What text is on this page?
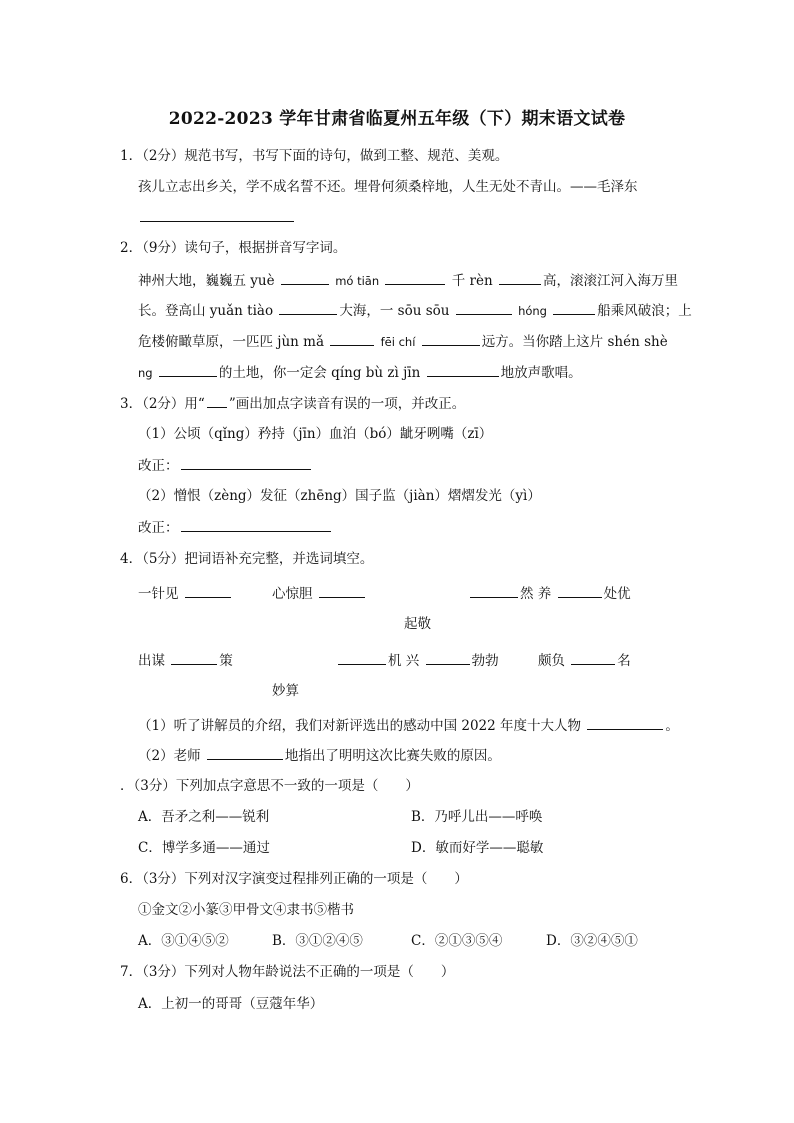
2022-2023 学年甘肃省临夏州五年级（下）期末语文试卷
1．（2分）规范书写，书写下面的诗句，做到工整、规范、美观。
孩儿立志出乡关，学不成名誓不还。埋骨何须桑梓地，人生无处不青山。——毛泽东
2．（9分）读句子，根据拼音写字词。
神州大地，巍巍五 yuè	mó tiān	千 rèn	高，滚滚江河入海万里
长。登高山 yuǎn tiào	大海，一 sōu sōu	hóng	船乘风破浪；上
危楼俯瞰草原，一匹匹 jùn mǎ	fēi chí	远方。当你踏上这片 shén shè
ng	的土地，你一定会 qíng bù zì jīn	地放声歌唱。
3．（2分）用“ ”画出加点字读音有误的一项，并改正。
（1）公顷（qǐng）矜持（jīn）血泊（bó）龇牙咧嘴（zī）
改正：
（2）憎恨（zèng）发征（zhēng）国子监（jiàn）熠熠发光（yì）
改正：
4．（5分）把词语补充完整，并选词填空。
一针见	心惊胆	然 养	处优
起敬
出谋	策	机 兴	勃勃	颇负	名
妙算
（1）听了讲解员的介绍，我们对新评选出的感动中国 2022 年度十大人物	。
（2）老师	地指出了明明这次比赛失败的原因。
．（3分）下列加点字意思不一致的一项是（　　）
A．吾矛之利——锐利	B．乃呼儿出——呼唤
C．博学多通——通过	D．敏而好学——聪敏
6．（3分）下列对汉字演变过程排列正确的一项是（　　）
①金文②小篆③甲骨文④隶书⑤楷书
A．③①④⑤②	B．③①②④⑤	C．②①③⑤④	D．③②④⑤①
7．（3分）下列对人物年龄说法不正确的一项是（　　）
A．上初一的哥哥（豆蔻年华）
